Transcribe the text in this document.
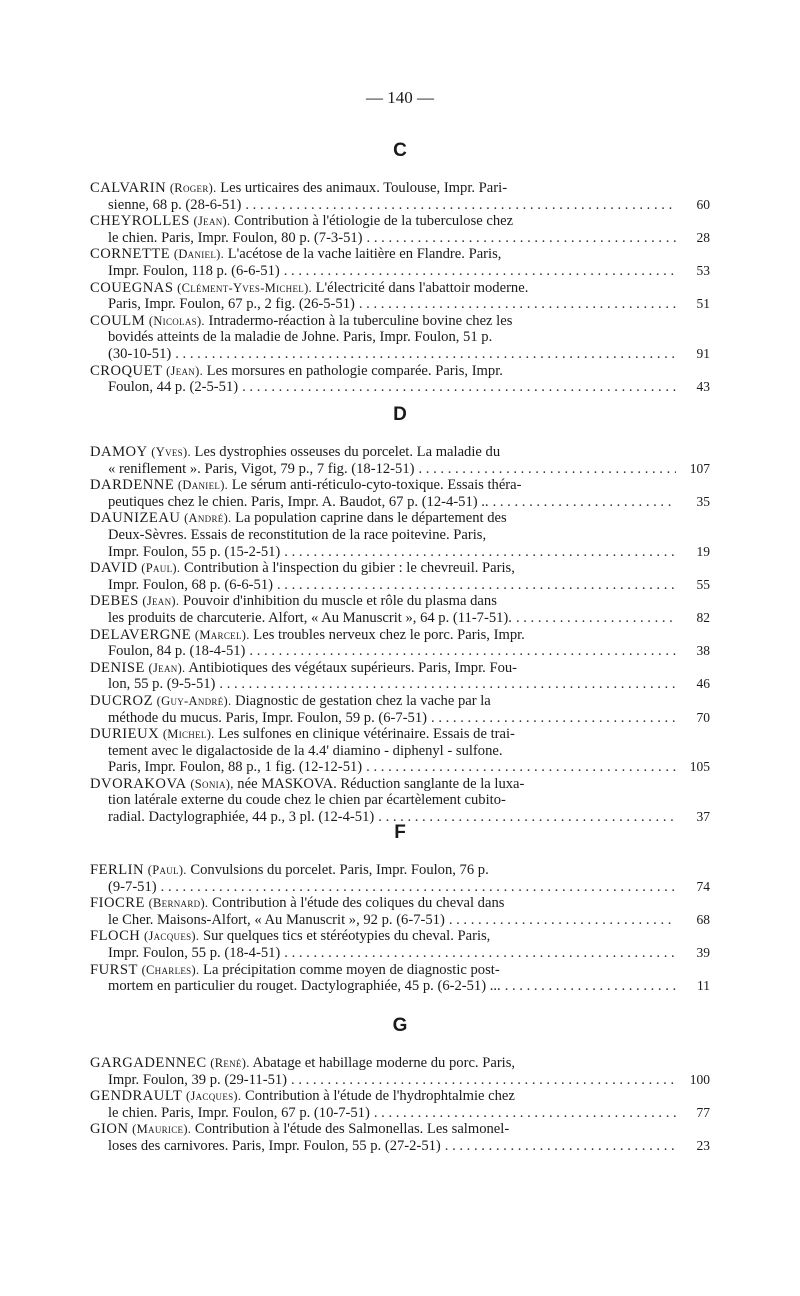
— 140 —
C
CALVARIN (Roger). Les urticaires des animaux. Toulouse, Impr. Pari-
sienne, 68 p. (28-6-51) . . .	60
CHEYROLLES (Jean). Contribution à l'étiologie de la tuberculose chez
le chien. Paris, Impr. Foulon, 80 p. (7-3-51) . . .	28
CORNETTE (Daniel). L'acétose de la vache laitière en Flandre. Paris,
Impr. Foulon, 118 p. (6-6-51) . . .	53
COUEGNAS (Clément-Yves-Michel). L'électricité dans l'abattoir moderne.
Paris, Impr. Foulon, 67 p., 2 fig. (26-5-51) . . .	51
COULM (Nicolas). Intradermo-réaction à la tuberculine bovine chez les
bovidés atteints de la maladie de Johne. Paris, Impr. Foulon, 51 p.
(30-10-51) . . .	91
CROQUET (Jean). Les morsures en pathologie comparée. Paris, Impr.
Foulon, 44 p. (2-5-51) . . .	43
D
DAMOY (Yves). Les dystrophies osseuses du porcelet. La maladie du
« reniflement ». Paris, Vigot, 79 p., 7 fig. (18-12-51) . . .	107
DARDENNE (Daniel). Le sérum anti-réticulo-cyto-toxique. Essais théra-
peutiques chez le chien. Paris, Impr. A. Baudot, 67 p. (12-4-51) .. . . .	35
DAUNIZEAU (André). La population caprine dans le département des
Deux-Sèvres. Essais de reconstitution de la race poitevine. Paris,
Impr. Foulon, 55 p. (15-2-51) . . .	19
DAVID (Paul). Contribution à l'inspection du gibier : le chevreuil. Paris,
Impr. Foulon, 68 p. (6-6-51) . . .	55
DEBES (Jean). Pouvoir d'inhibition du muscle et rôle du plasma dans
les produits de charcuterie. Alfort, « Au Manuscrit », 64 p. (11-7-51). . . .	82
DELAVERGNE (Marcel). Les troubles nerveux chez le porc. Paris, Impr.
Foulon, 84 p. (18-4-51) . . .	38
DENISE (Jean). Antibiotiques des végétaux supérieurs. Paris, Impr. Fou-
lon, 55 p. (9-5-51) . . .	46
DUCROZ (Guy-André). Diagnostic de gestation chez la vache par la
méthode du mucus. Paris, Impr. Foulon, 59 p. (6-7-51) . . .	70
DURIEUX (Michel). Les sulfones en clinique vétérinaire. Essais de trai-
tement avec le digalactoside de la 4.4' diamino - diphenyl - sulfone.
Paris, Impr. Foulon, 88 p., 1 fig. (12-12-51) . . .	105
DVORAKOVA (Sonia), née MASKOVA. Réduction sanglante de la luxa-
tion latérale externe du coude chez le chien par écartèlement cubito-
radial. Dactylographiée, 44 p., 3 pl. (12-4-51) . . .	37
F
FERLIN (Paul). Convulsions du porcelet. Paris, Impr. Foulon, 76 p.
(9-7-51) . . .	74
FIOCRE (Bernard). Contribution à l'étude des coliques du cheval dans
le Cher. Maisons-Alfort, « Au Manuscrit », 92 p. (6-7-51) . . .	68
FLOCH (Jacques). Sur quelques tics et stéréotypies du cheval. Paris,
Impr. Foulon, 55 p. (18-4-51) . . .	39
FURST (Charles). La précipitation comme moyen de diagnostic post-
mortem en particulier du rouget. Dactylographiée, 45 p. (6-2-51) ... . . .	11
G
GARGADENNEC (René). Abatage et habillage moderne du porc. Paris,
Impr. Foulon, 39 p. (29-11-51) . . .	100
GENDRAULT (Jacques). Contribution à l'étude de l'hydrophtalmie chez
le chien. Paris, Impr. Foulon, 67 p. (10-7-51) . . .	77
GION (Maurice). Contribution à l'étude des Salmonellas. Les salmonel-
loses des carnivores. Paris, Impr. Foulon, 55 p. (27-2-51) . . .	23
